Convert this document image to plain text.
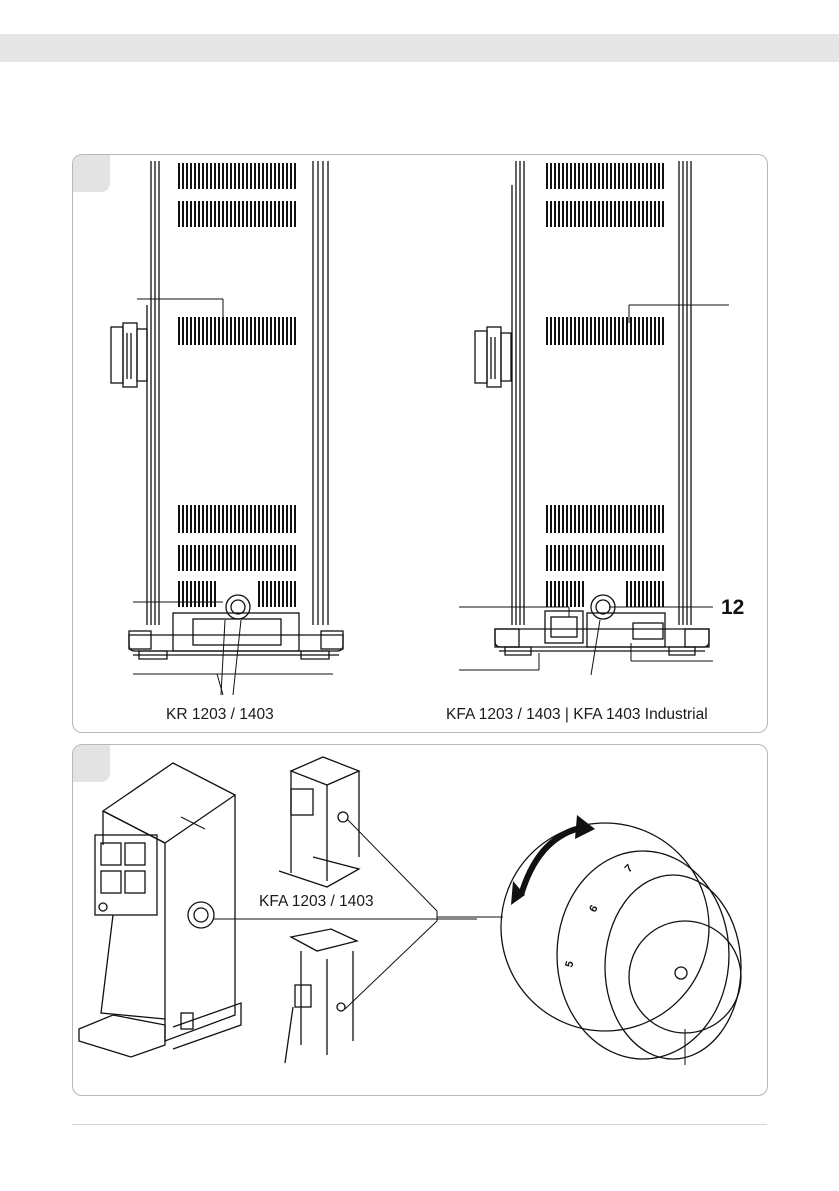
KR 1203 / 1403	KFA 1203 / 1403 | KFA 1403 Industrial
12
5
6
7
KFA 1203 / 1403
